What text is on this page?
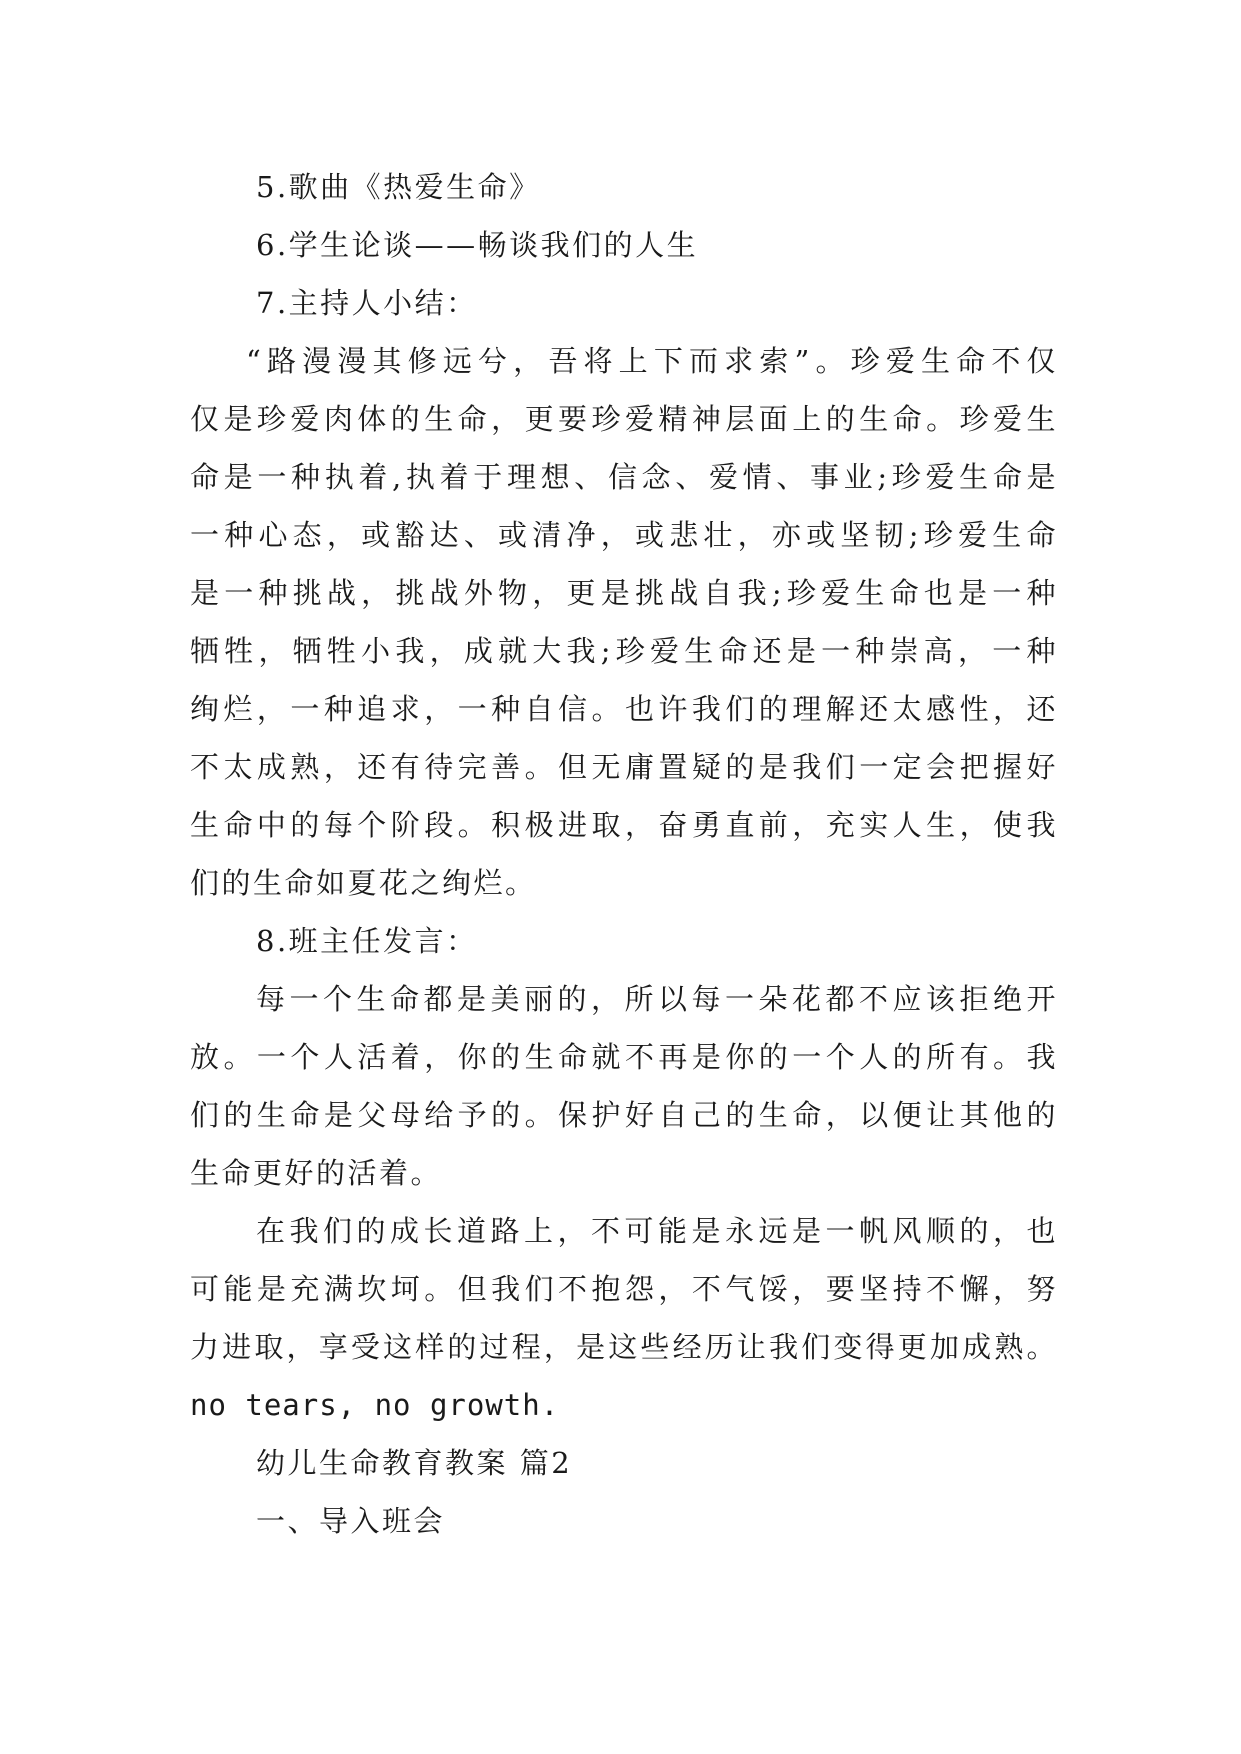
5.歌曲《热爱生命》
6.学生论谈——畅谈我们的人生
7.主持人小结：
“路漫漫其修远兮，吾将上下而求索”。珍爱生命不仅
仅是珍爱肉体的生命，更要珍爱精神层面上的生命。珍爱生
命是一种执着,执着于理想、信念、爱情、事业;珍爱生命是
一种心态，或豁达、或清净，或悲壮，亦或坚韧;珍爱生命
是一种挑战，挑战外物，更是挑战自我;珍爱生命也是一种
牺牲，牺牲小我，成就大我;珍爱生命还是一种崇高，一种
绚烂，一种追求，一种自信。也许我们的理解还太感性，还
不太成熟，还有待完善。但无庸置疑的是我们一定会把握好
生命中的每个阶段。积极进取，奋勇直前，充实人生，使我
们的生命如夏花之绚烂。
8.班主任发言：
每一个生命都是美丽的，所以每一朵花都不应该拒绝开
放。一个人活着，你的生命就不再是你的一个人的所有。我
们的生命是父母给予的。保护好自己的生命，以便让其他的
生命更好的活着。
在我们的成长道路上，不可能是永远是一帆风顺的，也
可能是充满坎坷。但我们不抱怨，不气馁，要坚持不懈，努
力进取，享受这样的过程，是这些经历让我们变得更加成熟。
no tears, no growth.
幼儿生命教育教案 篇2
一、导入班会
